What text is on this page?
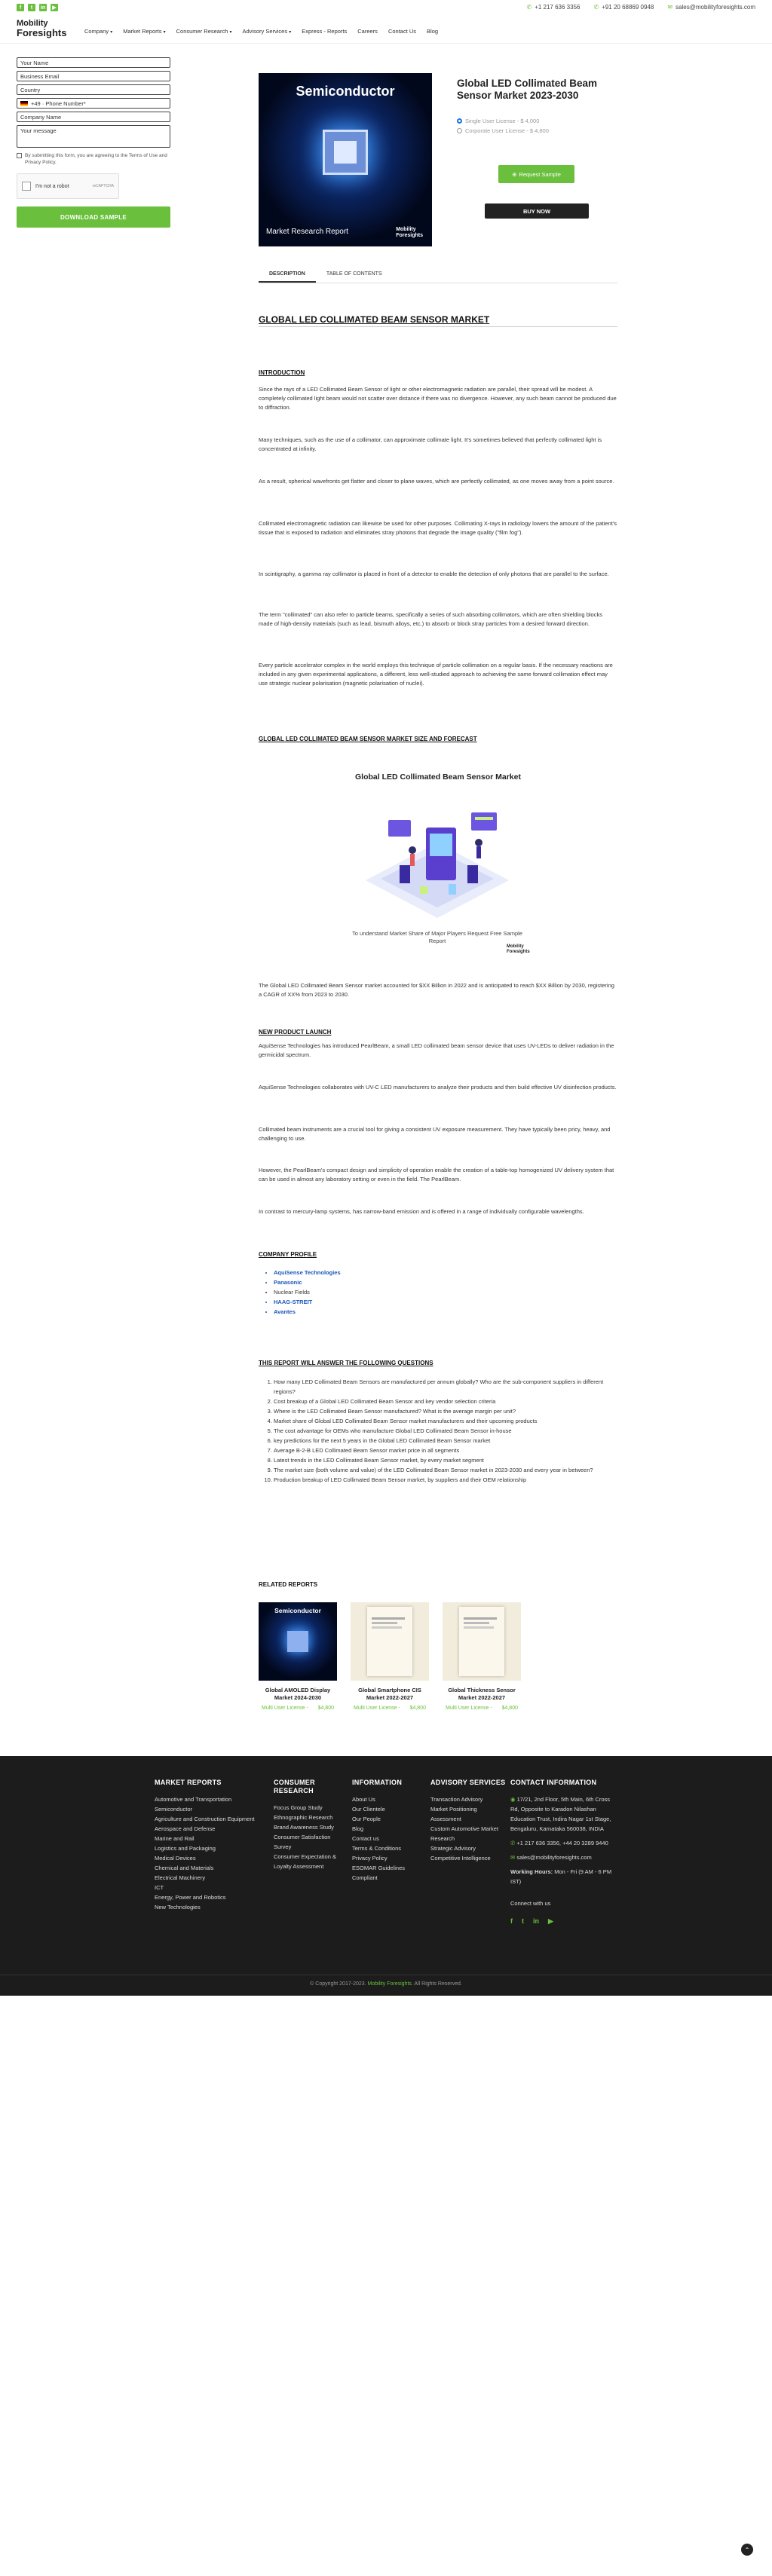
f	t	in	▶	✆ +1 217 636 3356 ✆ +91 20 68869 0948 ✉ sales@mobilityforesights.com
Mobility
Foresights	Company ▾ Market Reports ▾ Consumer Research ▾ Advisory Services ▾ Express - Reports Careers Contact Us Blog
Your Name
Business Email
Country
+49 · Phone Number*
Company Name
Your message
By submitting this form, you are agreeing to the Terms of Use and Privacy Policy.
I'm not a robot	reCAPTCHA
DOWNLOAD SAMPLE
Semiconductor
Market Research Report	Mobility
Foresights
Global LED Collimated Beam Sensor Market 2023-2030
Single User License - $ 4,000
Corporate User License - $ 4,800
⊕ Request Sample
BUY NOW
DESCRIPTION	TABLE OF CONTENTS
GLOBAL LED COLLIMATED BEAM SENSOR MARKET
INTRODUCTION
Since the rays of a LED Collimated Beam Sensor of light or other electromagnetic radiation are parallel, their spread will be modest. A completely collimated light beam would not scatter over distance if there was no divergence. However, any such beam cannot be produced due to diffraction.
Many techniques, such as the use of a collimator, can approximate collimate light. It's sometimes believed that perfectly collimated light is concentrated at infinity.
As a result, spherical wavefronts get flatter and closer to plane waves, which are perfectly collimated, as one moves away from a point source.
Collimated electromagnetic radiation can likewise be used for other purposes. Collimating X-rays in radiology lowers the amount of the patient's tissue that is exposed to radiation and eliminates stray photons that degrade the image quality ("film fog").
In scintigraphy, a gamma ray collimator is placed in front of a detector to enable the detection of only photons that are parallel to the surface.
The term "collimated" can also refer to particle beams, specifically a series of such absorbing collimators, which are often shielding blocks made of high-density materials (such as lead, bismuth alloys, etc.) to absorb or block stray particles from a desired forward direction.
Every particle accelerator complex in the world employs this technique of particle collimation on a regular basis. If the necessary reactions are included in any given experimental applications, a different, less well-studied approach to achieving the same forward collimation effect may use strategic nuclear polarisation (magnetic polarisation of nuclei).
GLOBAL LED COLLIMATED BEAM SENSOR MARKET SIZE AND FORECAST
Global LED Collimated Beam Sensor Market
To understand Market Share of Major Players Request Free Sample Report
Mobility
Foresights
The Global LED Collimated Beam Sensor market accounted for $XX Billion in 2022 and is anticipated to reach $XX Billion by 2030, registering a CAGR of XX% from 2023 to 2030.
NEW PRODUCT LAUNCH
AquiSense Technologies has introduced PearlBeam, a small LED collimated beam sensor device that uses UV-LEDs to deliver radiation in the germicidal spectrum.
AquiSense Technologies collaborates with UV-C LED manufacturers to analyze their products and then build effective UV disinfection products.
Collimated beam instruments are a crucial tool for giving a consistent UV exposure measurement. They have typically been pricy, heavy, and challenging to use.
However, the PearlBeam's compact design and simplicity of operation enable the creation of a table-top homogenized UV delivery system that can be used in almost any laboratory setting or even in the field. The PearlBeam.
In contrast to mercury-lamp systems, has narrow-band emission and is offered in a range of individually configurable wavelengths.
COMPANY PROFILE
• AquiSense Technologies
• Panasonic
• Nuclear Fields
• HAAG-STREIT
• Avantes
THIS REPORT WILL ANSWER THE FOLLOWING QUESTIONS
1. How many LED Collimated Beam Sensors are manufactured per annum globally? Who are the sub-component suppliers in different regions?
2. Cost breakup of a Global LED Collimated Beam Sensor and key vendor selection criteria
3. Where is the LED Collimated Beam Sensor manufactured? What is the average margin per unit?
4. Market share of Global LED Collimated Beam Sensor market manufacturers and their upcoming products
5. The cost advantage for OEMs who manufacture Global LED Collimated Beam Sensor in-house
6. key predictions for the next 5 years in the Global LED Collimated Beam Sensor market
7. Average B-2-B LED Collimated Beam Sensor market price in all segments
8. Latest trends in the LED Collimated Beam Sensor market, by every market segment
9. The market size (both volume and value) of the LED Collimated Beam Sensor market in 2023-2030 and every year in between?
10. Production breakup of LED Collimated Beam Sensor market, by suppliers and their OEM relationship
RELATED REPORTS
Semiconductor
Global AMOLED Display Market 2024-2030
Multi User License - $4,800
Global Smartphone CIS Market 2022-2027
Multi User License - $4,800
Global Thickness Sensor Market 2022-2027
Multi User License - $4,800
MARKET REPORTS
Automotive and Transportation
Semiconductor
Agriculture and Construction Equipment
Aerospace and Defense
Marine and Rail
Logistics and Packaging
Medical Devices
Chemical and Materials
Electrical Machinery
ICT
Energy, Power and Robotics
New Technologies
CONSUMER RESEARCH
Focus Group Study
Ethnographic Research
Brand Awareness Study
Consumer Satisfaction Survey
Consumer Expectation & Loyalty Assessment
INFORMATION
About Us
Our Clientele
Our People
Blog
Contact us
Terms & Conditions
Privacy Policy
ESOMAR Guidelines Compliant
ADVISORY SERVICES
Transaction Advisory
Market Positioning Assessment
Custom Automotive Market Research
Strategic Advisory
Competitive Intelligence
CONTACT INFORMATION
◉ 17/21, 2nd Floor, 5th Main, 6th Cross Rd, Opposite to Karadon Nilashan Education Trust, Indira Nagar 1st Stage, Bengaluru, Karnataka 560038, INDIA
✆ +1 217 636 3356, +44 20 3289 9440
✉ sales@mobilityforesights.com
Working Hours: Mon - Fri (9 AM - 6 PM IST)
Connect with us
f t in ▶
© Copyright 2017-2023. Mobility Foresights. All Rights Reserved.
⌃
